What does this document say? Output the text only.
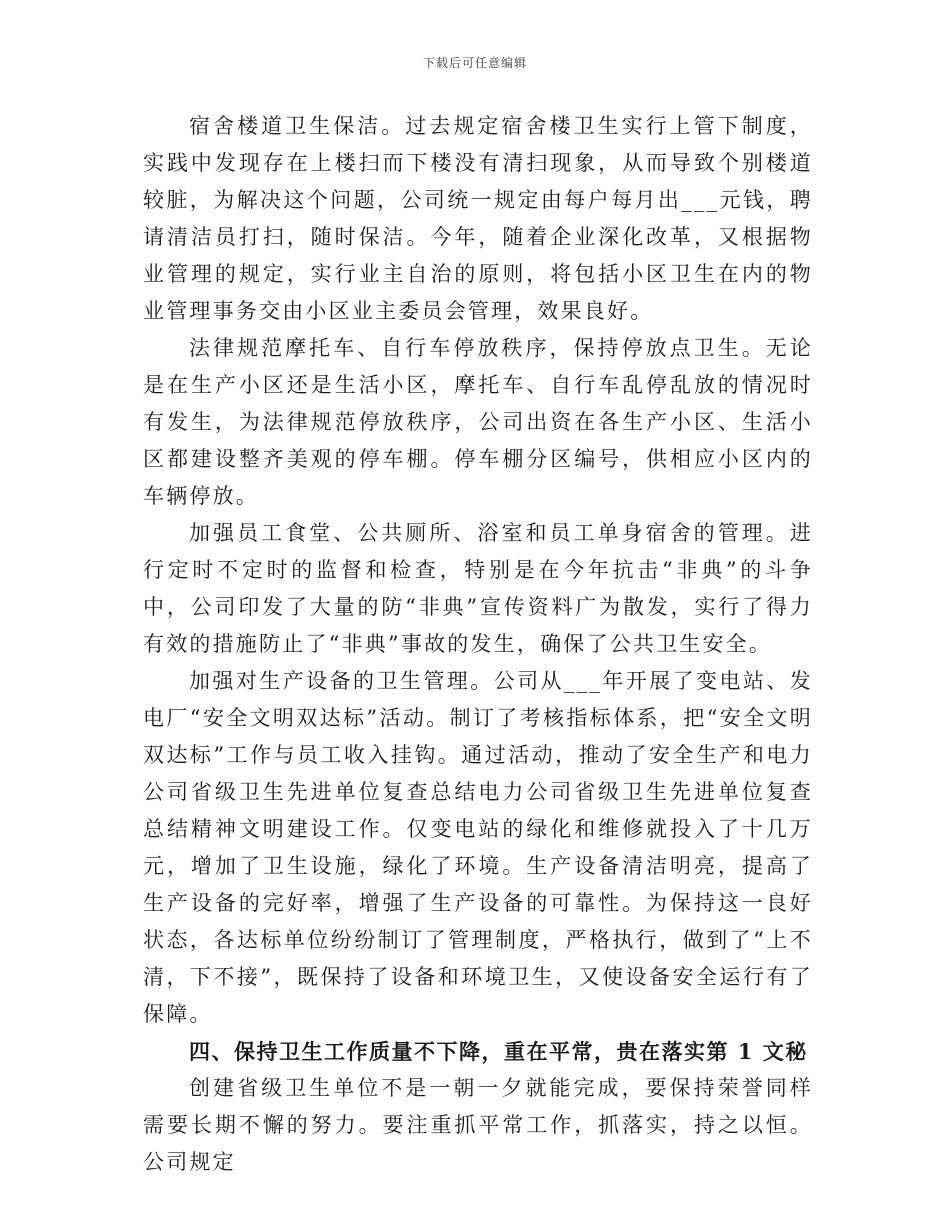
下载后可任意编辑

宿舍楼道卫生保洁。过去规定宿舍楼卫生实行上管下制度，实践中发现存在上楼扫而下楼没有清扫现象，从而导致个别楼道较脏，为解决这个问题，公司统一规定由每户每月出___元钱，聘请清洁员打扫，随时保洁。今年，随着企业深化改革，又根据物业管理的规定，实行业主自治的原则，将包括小区卫生在内的物业管理事务交由小区业主委员会管理，效果良好。

法律规范摩托车、自行车停放秩序，保持停放点卫生。无论是在生产小区还是生活小区，摩托车、自行车乱停乱放的情况时有发生，为法律规范停放秩序，公司出资在各生产小区、生活小区都建设整齐美观的停车棚。停车棚分区编号，供相应小区内的车辆停放。

加强员工食堂、公共厕所、浴室和员工单身宿舍的管理。进行定时不定时的监督和检查，特别是在今年抗击“非典”的斗争中，公司印发了大量的防“非典”宣传资料广为散发，实行了得力有效的措施防止了“非典”事故的发生，确保了公共卫生安全。

加强对生产设备的卫生管理。公司从___年开展了变电站、发电厂“安全文明双达标”活动。制订了考核指标体系，把“安全文明双达标”工作与员工收入挂钩。通过活动，推动了安全生产和电力公司省级卫生先进单位复查总结电力公司省级卫生先进单位复查总结精神文明建设工作。仅变电站的绿化和维修就投入了十几万元，增加了卫生设施，绿化了环境。生产设备清洁明亮，提高了生产设备的完好率，增强了生产设备的可靠性。为保持这一良好状态，各达标单位纷纷制订了管理制度，严格执行，做到了“上不清，下不接”，既保持了设备和环境卫生，又使设备安全运行有了保障。

四、保持卫生工作质量不下降，重在平常，贵在落实第 1 文秘

创建省级卫生单位不是一朝一夕就能完成，要保持荣誉同样需要长期不懈的努力。要注重抓平常工作，抓落实，持之以恒。公司规定
